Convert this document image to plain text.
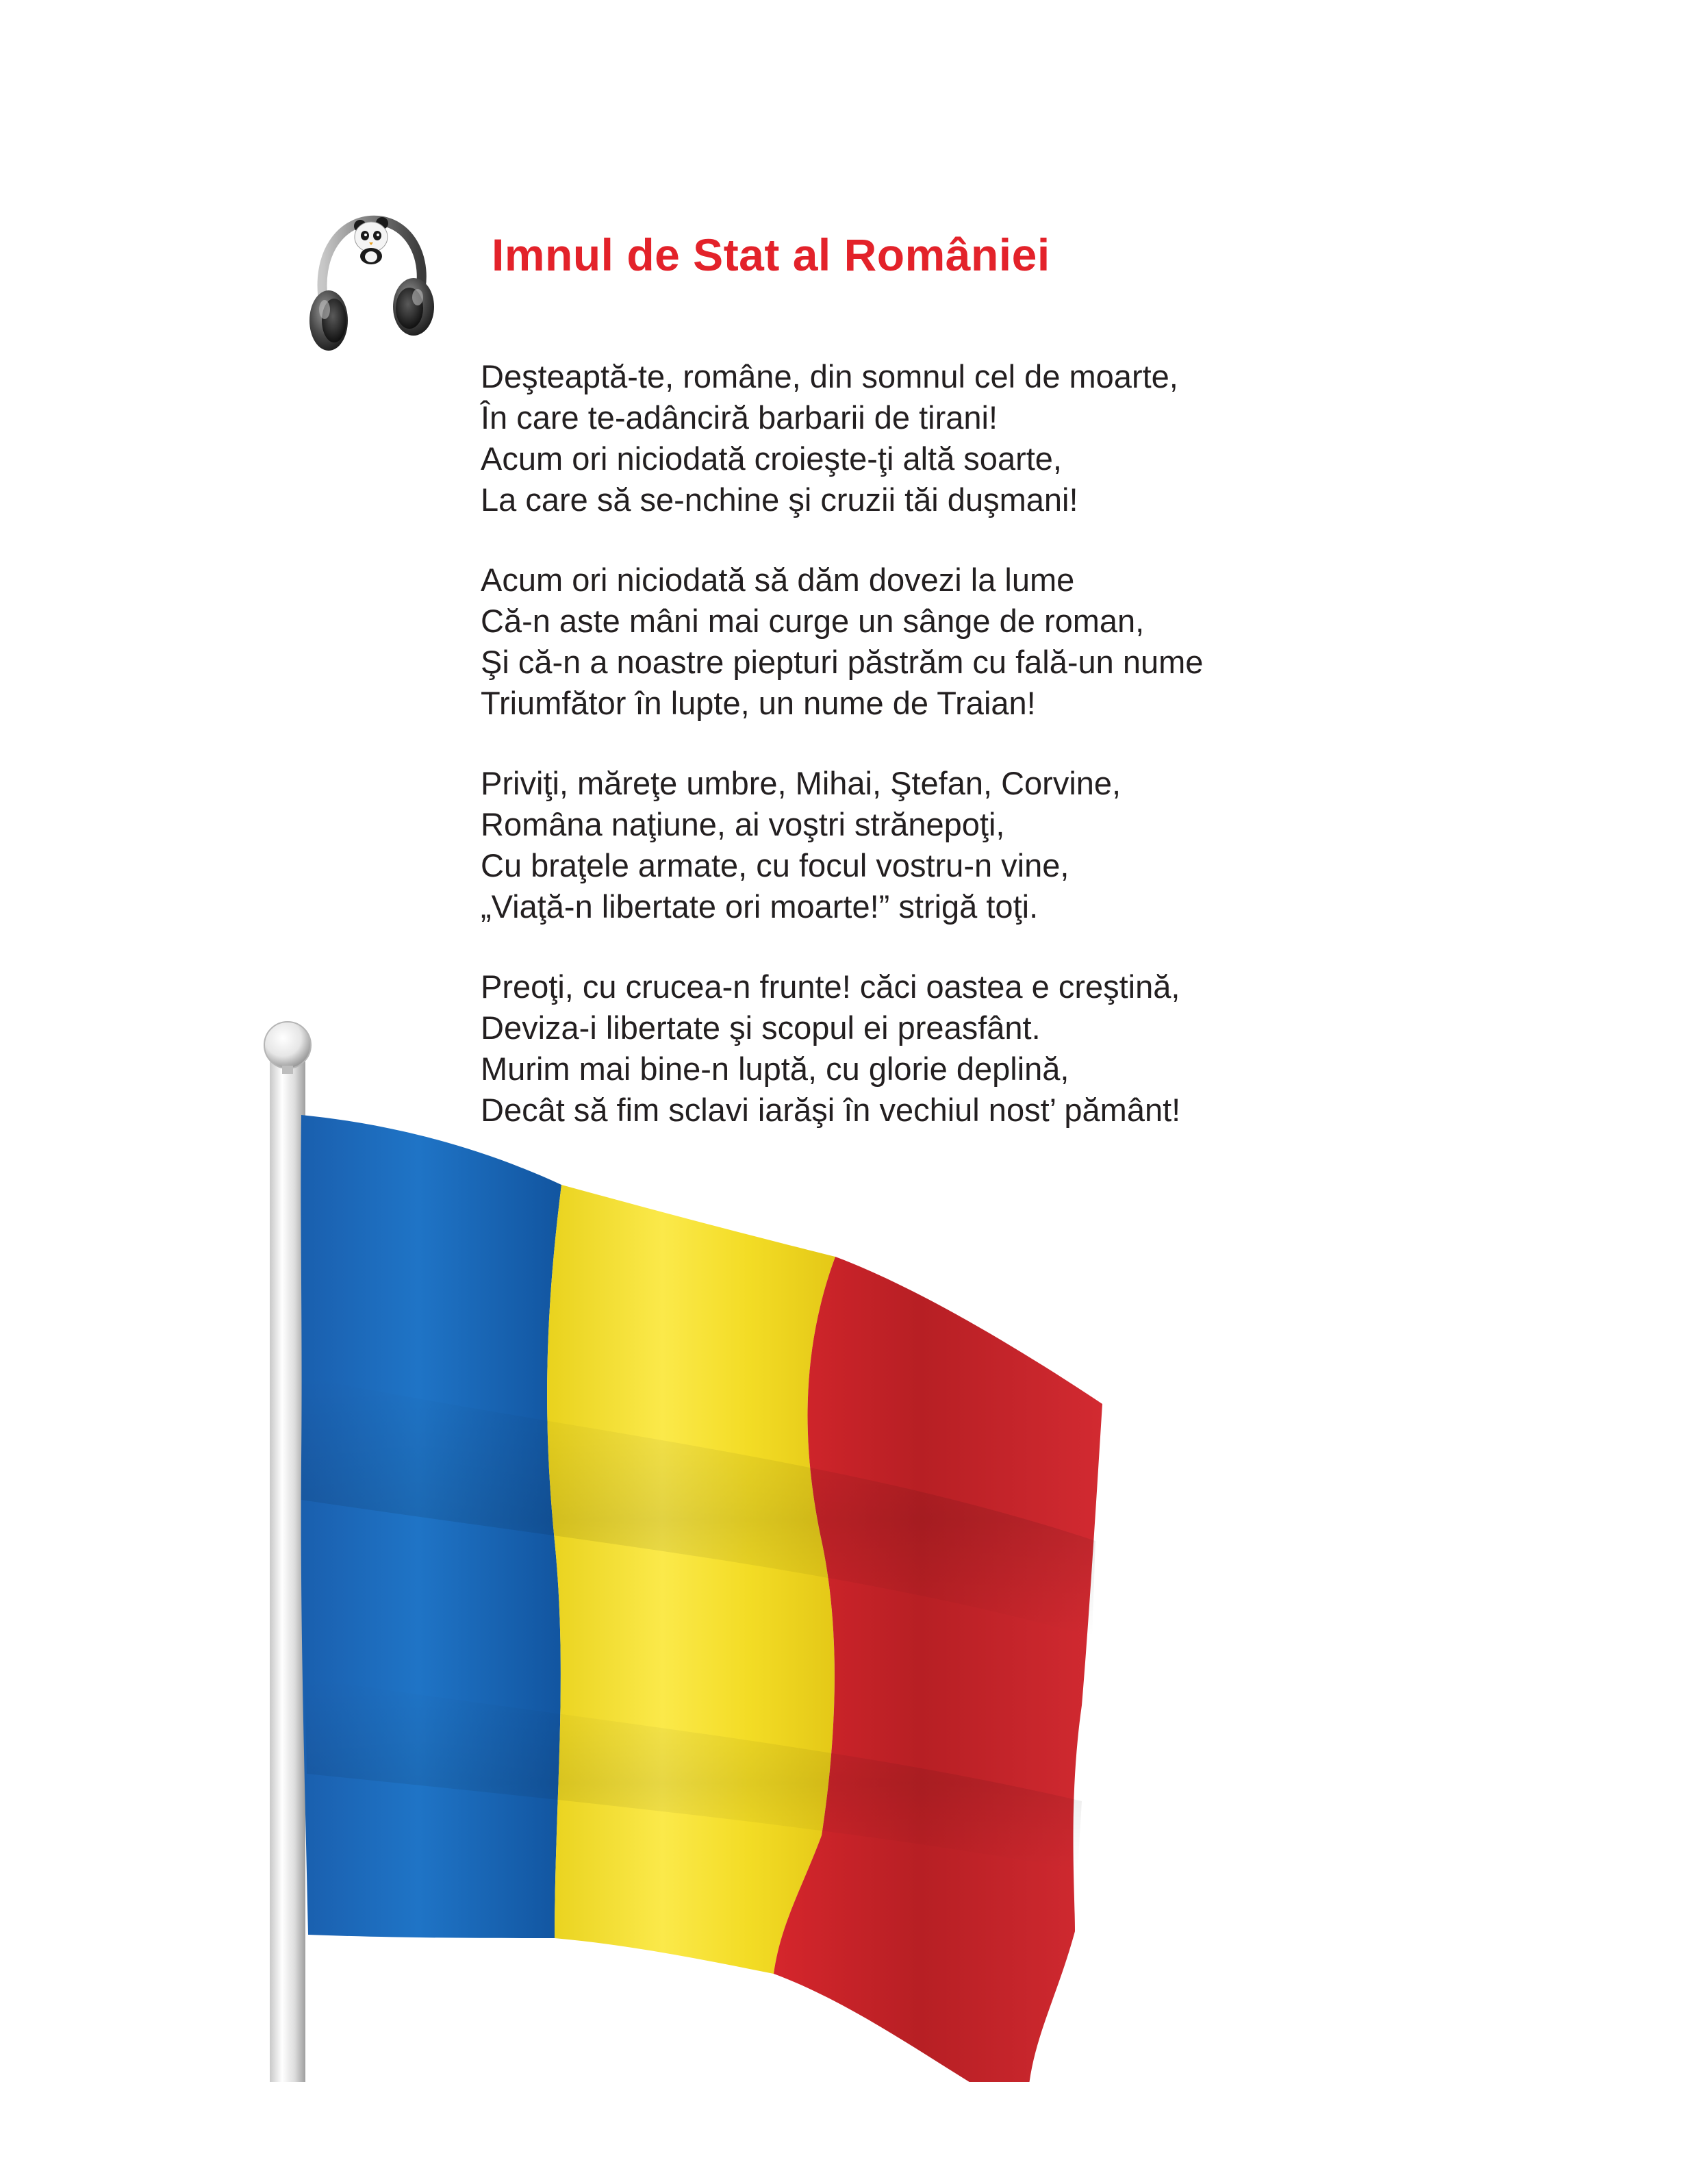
Imnul de Stat al României

Deşteaptă-te, române, din somnul cel de moarte,
În care te-adânciră barbarii de tirani!
Acum ori niciodată croieşte-ţi altă soarte,
La care să se-nchine şi cruzii tăi duşmani!

Acum ori niciodată să dăm dovezi la lume
Că-n aste mâni mai curge un sânge de roman,
Şi că-n a noastre piepturi păstrăm cu fală-un nume
Triumfător în lupte, un nume de Traian!

Priviţi, măreţe umbre, Mihai, Ştefan, Corvine,
Romȃna naţiune, ai voştri strănepoţi,
Cu braţele armate, cu focul vostru-n vine,
„Viaţă-n libertate ori moarte!” strigă toţi.

Preoţi, cu crucea-n frunte! căci oastea e creştină,
Deviza-i libertate şi scopul ei preasfânt.
Murim mai bine-n luptă, cu glorie deplină,
Decât să fim sclavi iarăşi în vechiul nost’ pământ!
